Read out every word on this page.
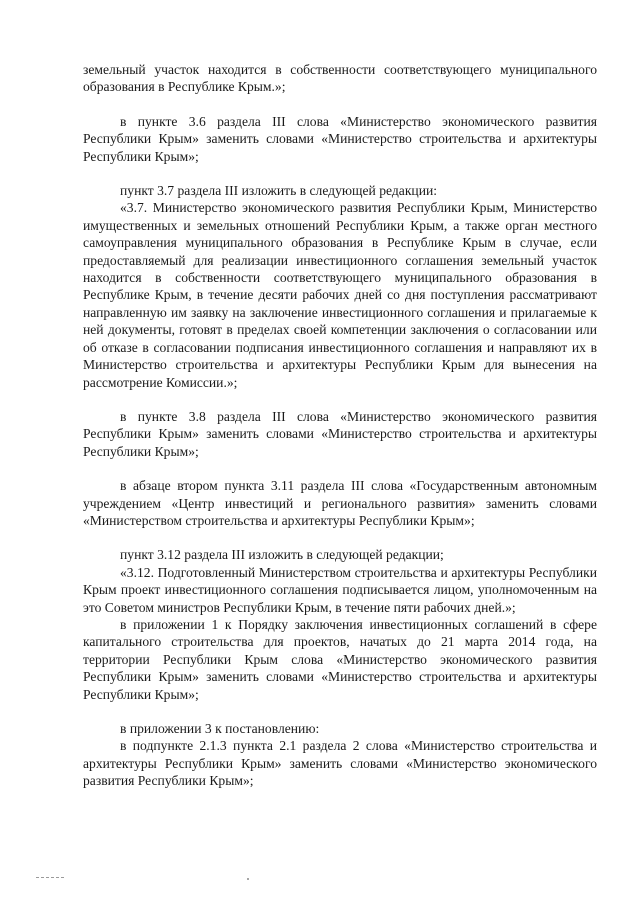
земельный участок находится в собственности соответствующего муниципального образования в Республике Крым.»;

в пункте 3.6 раздела III слова «Министерство экономического развития Республики Крым» заменить словами «Министерство строительства и архитектуры Республики Крым»;

пункт 3.7 раздела III изложить в следующей редакции:

«3.7. Министерство экономического развития Республики Крым, Министерство имущественных и земельных отношений Республики Крым, а также орган местного самоуправления муниципального образования в Республике Крым в случае, если предоставляемый для реализации инвестиционного соглашения земельный участок находится в собственности соответствующего муниципального образования в Республике Крым, в течение десяти рабочих дней со дня поступления рассматривают направленную им заявку на заключение инвестиционного соглашения и прилагаемые к ней документы, готовят в пределах своей компетенции заключения о согласовании или об отказе в согласовании подписания инвестиционного соглашения и направляют их в Министерство строительства и архитектуры Республики Крым для вынесения на рассмотрение Комиссии.»;

в пункте 3.8 раздела III слова «Министерство экономического развития Республики Крым» заменить словами «Министерство строительства и архитектуры Республики Крым»;

в абзаце втором пункта 3.11 раздела III слова «Государственным автономным учреждением «Центр инвестиций и регионального развития» заменить словами «Министерством строительства и архитектуры Республики Крым»;

пункт 3.12 раздела III изложить в следующей редакции;

«3.12. Подготовленный Министерством строительства и архитектуры Республики Крым проект инвестиционного соглашения подписывается лицом, уполномоченным на это Советом министров Республики Крым, в течение пяти рабочих дней.»;

в приложении 1 к Порядку заключения инвестиционных соглашений в сфере капитального строительства для проектов, начатых до 21 марта 2014 года, на территории Республики Крым слова «Министерство экономического развития Республики Крым» заменить словами «Министерство строительства и архитектуры Республики Крым»;

в приложении 3 к постановлению:

в подпункте 2.1.3 пункта 2.1 раздела 2 слова «Министерство строительства и архитектуры Республики Крым» заменить словами «Министерство экономического развития Республики Крым»;
